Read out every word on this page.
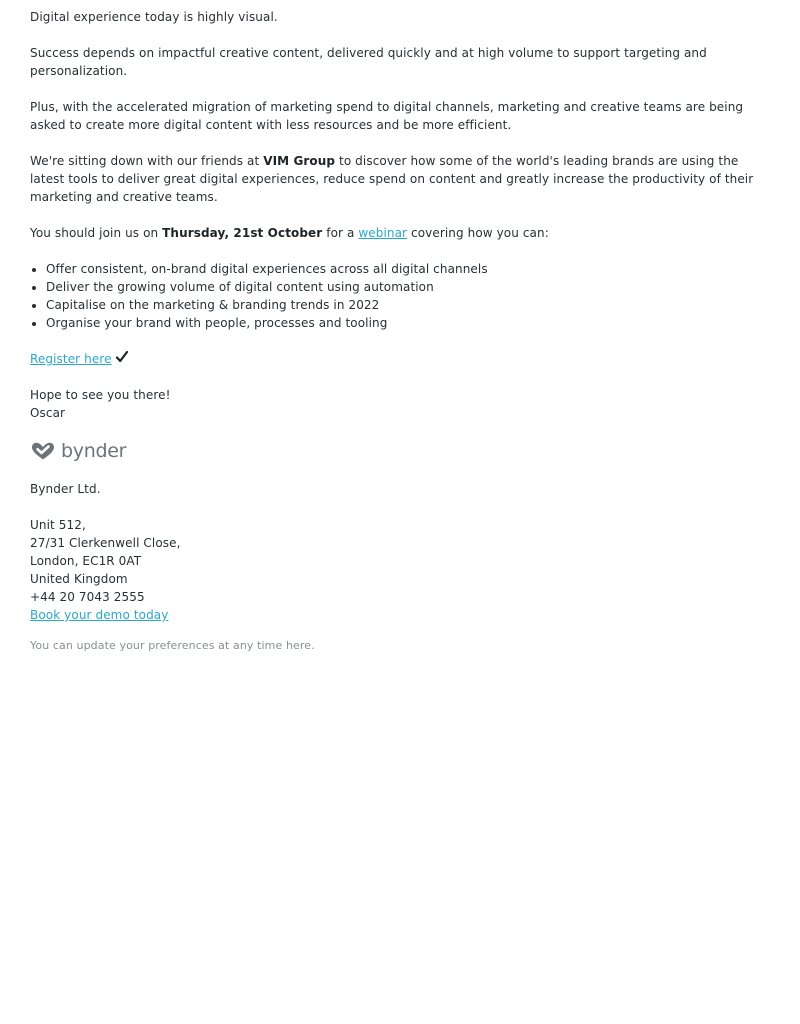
Digital experience today is highly visual.

Success depends on impactful creative content, delivered quickly and at high volume to support targeting and personalization.

Plus, with the accelerated migration of marketing spend to digital channels, marketing and creative teams are being asked to create more digital content with less resources and be more efficient.

We're sitting down with our friends at VIM Group to discover how some of the world's leading brands are using the latest tools to deliver great digital experiences, reduce spend on content and greatly increase the productivity of their marketing and creative teams.

You should join us on Thursday, 21st October for a webinar covering how you can:

• Offer consistent, on-brand digital experiences across all digital channels
• Deliver the growing volume of digital content using automation
• Capitalise on the marketing & branding trends in 2022
• Organise your brand with people, processes and tooling

Register here

Hope to see you there!

Oscar

bynder

Bynder Ltd.

Unit 512,
27/31 Clerkenwell Close,
London, EC1R 0AT
United Kingdom
+44 20 7043 2555
Book your demo today
You can update your preferences at any time here.
